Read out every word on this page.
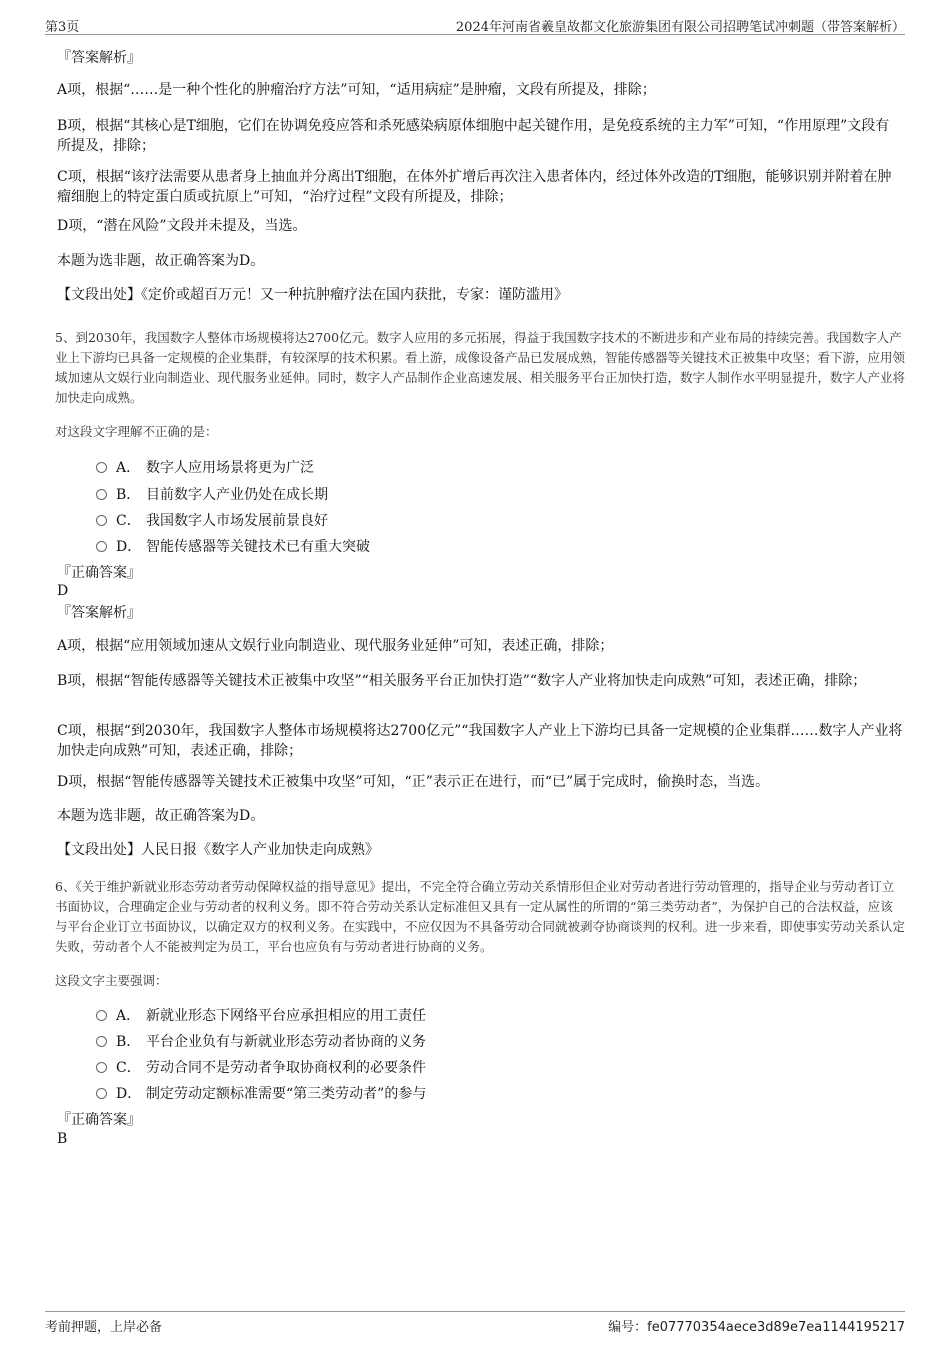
第3页	2024年河南省羲皇故都文化旅游集团有限公司招聘笔试冲刺题（带答案解析）
『答案解析』
A项，根据“……是一种个性化的肿瘤治疗方法”可知，“适用病症”是肿瘤，文段有所提及，排除；
B项，根据“其核心是T细胞，它们在协调免疫应答和杀死感染病原体细胞中起关键作用，是免疫系统的主力军”可知，“作用原理”文段有所提及，排除；
C项，根据“该疗法需要从患者身上抽血并分离出T细胞，在体外扩增后再次注入患者体内，经过体外改造的T细胞，能够识别并附着在肿瘤细胞上的特定蛋白质或抗原上”可知，“治疗过程”文段有所提及，排除；
D项，“潜在风险”文段并未提及，当选。
本题为选非题，故正确答案为D。
【文段出处】《定价或超百万元！又一种抗肿瘤疗法在国内获批，专家：谨防滥用》
5、到2030年，我国数字人整体市场规模将达2700亿元。数字人应用的多元拓展，得益于我国数字技术的不断进步和产业布局的持续完善。我国数字人产业上下游均已具备一定规模的企业集群，有较深厚的技术积累。看上游，成像设备产品已发展成熟，智能传感器等关键技术正被集中攻坚；看下游，应用领域加速从文娱行业向制造业、现代服务业延伸。同时，数字人产品制作企业高速发展、相关服务平台正加快打造，数字人制作水平明显提升，数字人产业将加快走向成熟。
对这段文字理解不正确的是：
A． 数字人应用场景将更为广泛
B． 目前数字人产业仍处在成长期
C． 我国数字人市场发展前景良好
D． 智能传感器等关键技术已有重大突破
『正确答案』
D
『答案解析』
A项，根据“应用领域加速从文娱行业向制造业、现代服务业延伸”可知，表述正确，排除；
B项，根据“智能传感器等关键技术正被集中攻坚”“相关服务平台正加快打造”“数字人产业将加快走向成熟”可知，表述正确，排除；
C项，根据“到2030年，我国数字人整体市场规模将达2700亿元”“我国数字人产业上下游均已具备一定规模的企业集群……数字人产业将加快走向成熟”可知，表述正确，排除；
D项，根据“智能传感器等关键技术正被集中攻坚”可知，“正”表示正在进行，而“已”属于完成时，偷换时态，当选。
本题为选非题，故正确答案为D。
【文段出处】人民日报《数字人产业加快走向成熟》
6、《关于维护新就业形态劳动者劳动保障权益的指导意见》提出，不完全符合确立劳动关系情形但企业对劳动者进行劳动管理的，指导企业与劳动者订立书面协议，合理确定企业与劳动者的权利义务。即不符合劳动关系认定标准但又具有一定从属性的所谓的“第三类劳动者”，为保护自己的合法权益，应该与平台企业订立书面协议，以确定双方的权利义务。在实践中，不应仅因为不具备劳动合同就被剥夺协商谈判的权利。进一步来看，即使事实劳动关系认定失败，劳动者个人不能被判定为员工，平台也应负有与劳动者进行协商的义务。
这段文字主要强调：
A． 新就业形态下网络平台应承担相应的用工责任
B． 平台企业负有与新就业形态劳动者协商的义务
C． 劳动合同不是劳动者争取协商权利的必要条件
D． 制定劳动定额标准需要“第三类劳动者”的参与
『正确答案』
B
考前押题，上岸必备	编号：fe07770354aece3d89e7ea1144195217
